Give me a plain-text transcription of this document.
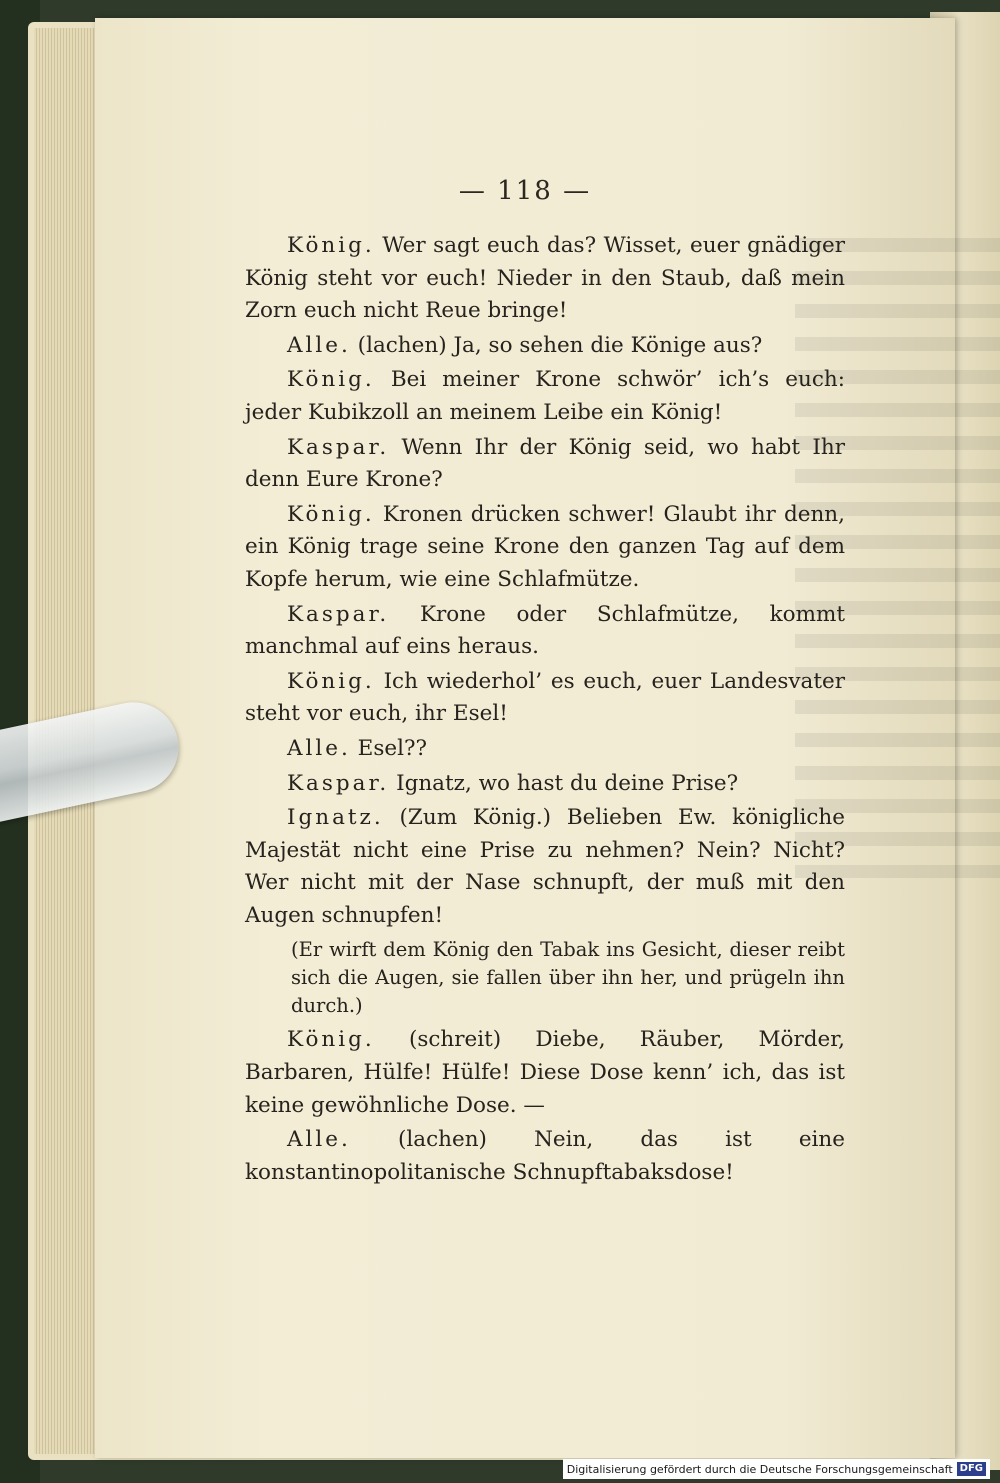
— 118 —

König. Wer sagt euch das? Wisset, euer gnädiger König steht vor euch! Nieder in den Staub, daß mein Zorn euch nicht Reue bringe!

Alle. (lachen) Ja, so sehen die Könige aus?

König. Bei meiner Krone schwör’ ich’s euch: jeder Kubikzoll an meinem Leibe ein König!

Kaspar. Wenn Ihr der König seid, wo habt Ihr denn Eure Krone?

König. Kronen drücken schwer! Glaubt ihr denn, ein König trage seine Krone den ganzen Tag auf dem Kopfe herum, wie eine Schlafmütze.

Kaspar. Krone oder Schlafmütze, kommt manchmal auf eins heraus.

König. Ich wiederhol’ es euch, euer Landesvater steht vor euch, ihr Esel!

Alle. Esel??

Kaspar. Ignatz, wo hast du deine Prise?

Ignatz. (Zum König.) Belieben Ew. königliche Majestät nicht eine Prise zu nehmen? Nein? Nicht? Wer nicht mit der Nase schnupft, der muß mit den Augen schnupfen!

(Er wirft dem König den Tabak ins Gesicht, dieser reibt sich die Augen, sie fallen über ihn her, und prügeln ihn durch.)

König. (schreit) Diebe, Räuber, Mörder, Barbaren, Hülfe! Hülfe! Diese Dose kenn’ ich, das ist keine gewöhnliche Dose. —

Alle. (lachen) Nein, das ist eine konstantinopolitanische Schnupftabaksdose!

Digitalisierung gefördert durch die Deutsche Forschungsgemeinschaft DFG
